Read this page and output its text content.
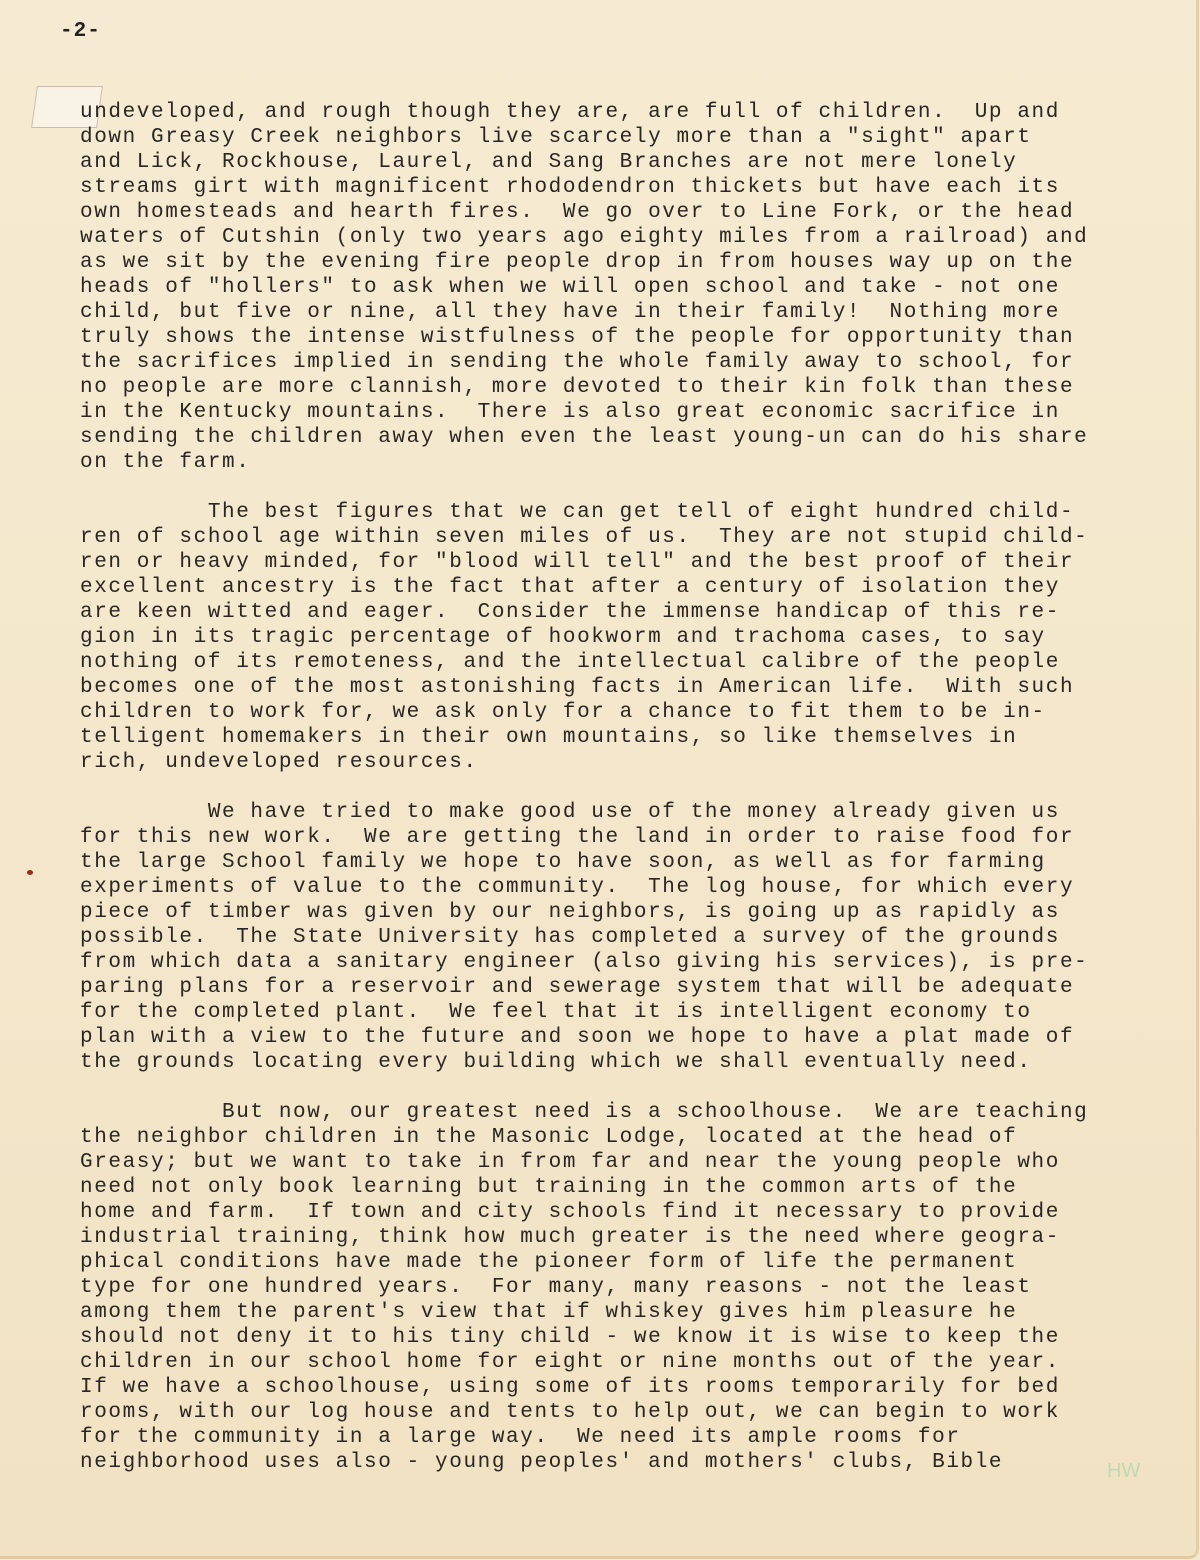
-2-
undeveloped, and rough though they are, are full of children.  Up and
down Greasy Creek neighbors live scarcely more than a "sight" apart
and Lick, Rockhouse, Laurel, and Sang Branches are not mere lonely
streams girt with magnificent rhododendron thickets but have each its
own homesteads and hearth fires.  We go over to Line Fork, or the head
waters of Cutshin (only two years ago eighty miles from a railroad) and
as we sit by the evening fire people drop in from houses way up on the
heads of "hollers" to ask when we will open school and take - not one
child, but five or nine, all they have in their family!  Nothing more
truly shows the intense wistfulness of the people for opportunity than
the sacrifices implied in sending the whole family away to school, for
no people are more clannish, more devoted to their kin folk than these
in the Kentucky mountains.  There is also great economic sacrifice in
sending the children away when even the least young-un can do his share
on the farm.
The best figures that we can get tell of eight hundred child-
ren of school age within seven miles of us.  They are not stupid child-
ren or heavy minded, for "blood will tell" and the best proof of their
excellent ancestry is the fact that after a century of isolation they
are keen witted and eager.  Consider the immense handicap of this re-
gion in its tragic percentage of hookworm and trachoma cases, to say
nothing of its remoteness, and the intellectual calibre of the people
becomes one of the most astonishing facts in American life.  With such
children to work for, we ask only for a chance to fit them to be in-
telligent homemakers in their own mountains, so like themselves in
rich, undeveloped resources.
We have tried to make good use of the money already given us
for this new work.  We are getting the land in order to raise food for
the large School family we hope to have soon, as well as for farming
experiments of value to the community.  The log house, for which every
piece of timber was given by our neighbors, is going up as rapidly as
possible.  The State University has completed a survey of the grounds
from which data a sanitary engineer (also giving his services), is pre-
paring plans for a reservoir and sewerage system that will be adequate
for the completed plant.  We feel that it is intelligent economy to
plan with a view to the future and soon we hope to have a plat made of
the grounds locating every building which we shall eventually need.
But now, our greatest need is a schoolhouse.  We are teaching
the neighbor children in the Masonic Lodge, located at the head of
Greasy; but we want to take in from far and near the young people who
need not only book learning but training in the common arts of the
home and farm.  If town and city schools find it necessary to provide
industrial training, think how much greater is the need where geogra-
phical conditions have made the pioneer form of life the permanent
type for one hundred years.  For many, many reasons - not the least
among them the parent's view that if whiskey gives him pleasure he
should not deny it to his tiny child - we know it is wise to keep the
children in our school home for eight or nine months out of the year.
If we have a schoolhouse, using some of its rooms temporarily for bed
rooms, with our log house and tents to help out, we can begin to work
for the community in a large way.  We need its ample rooms for
neighborhood uses also - young peoples' and mothers' clubs, Bible	HW
